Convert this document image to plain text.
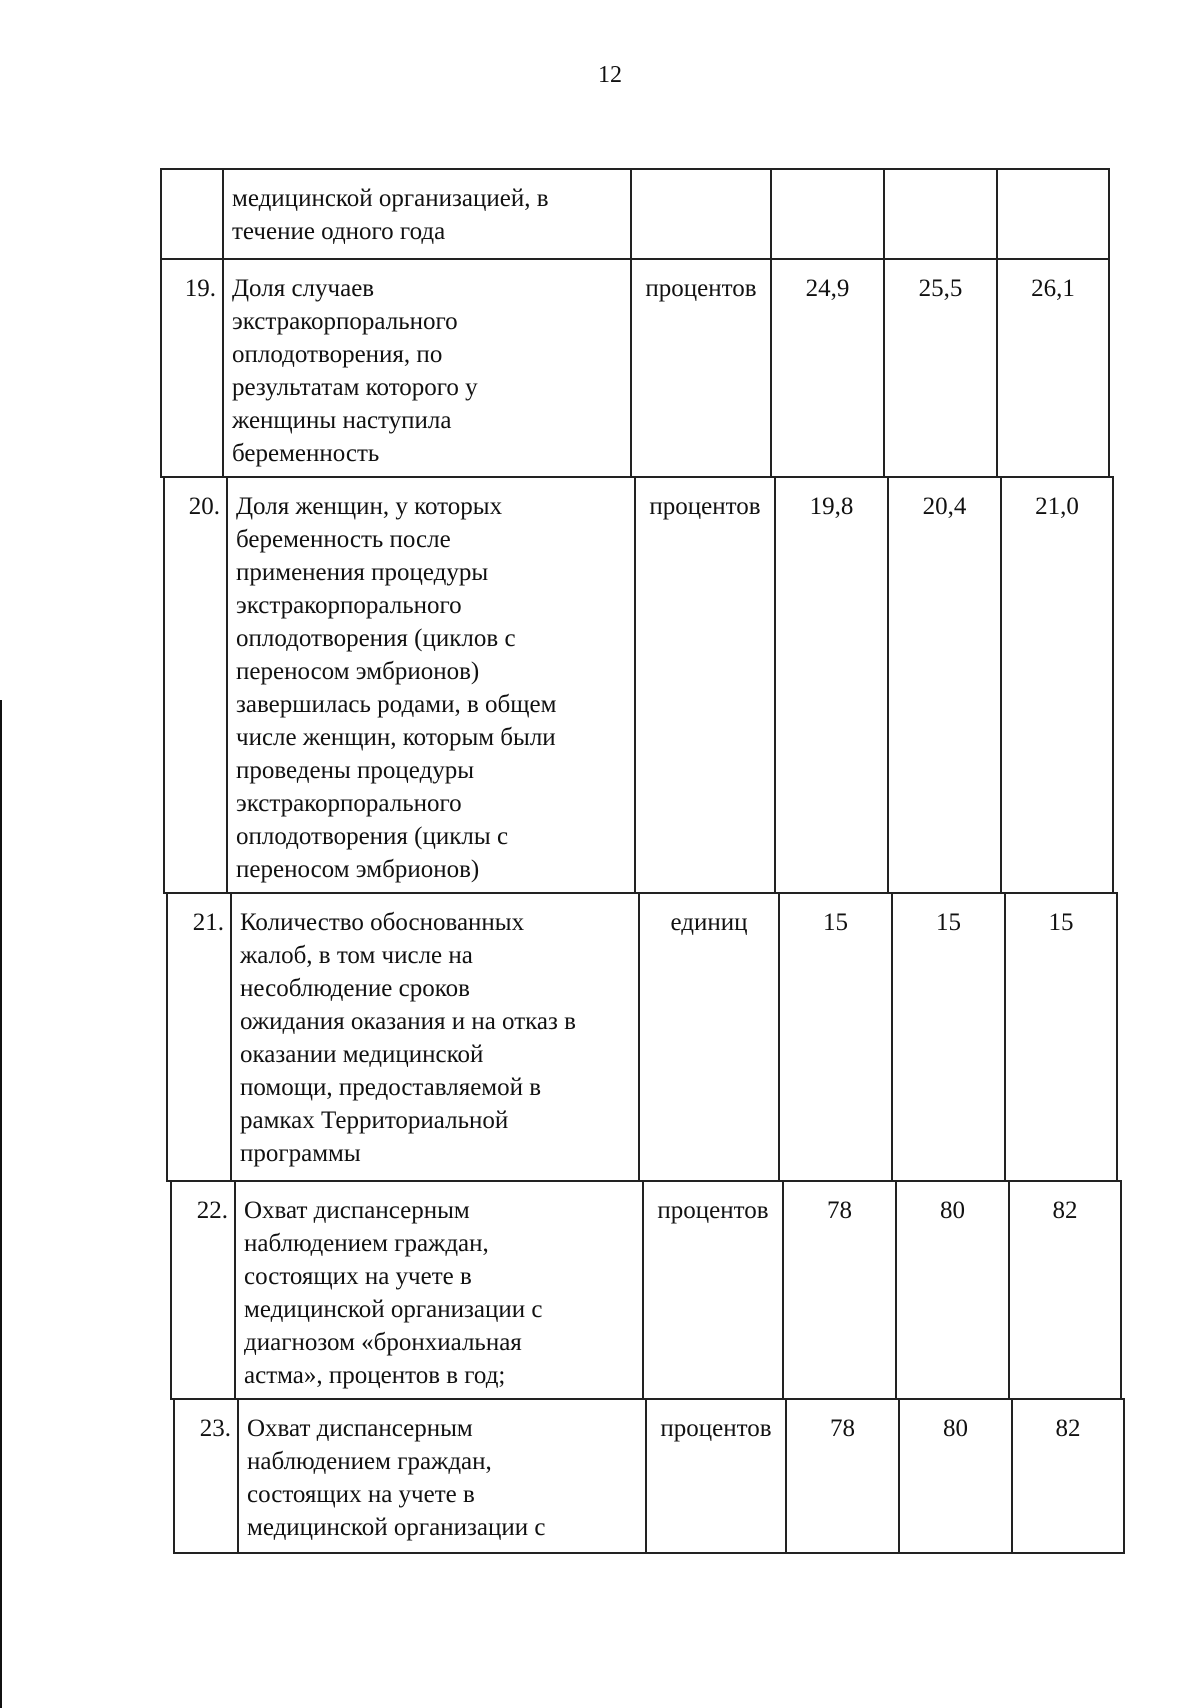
12
медицинской организацией, в
течение одного года
19. Доля случаев
экстракорпорального
оплодотворения, по
результатам которого у
женщины наступила
беременность
процентов	24,9	25,5	26,1
20. Доля женщин, у которых
беременность после
применения процедуры
экстракорпорального
оплодотворения (циклов с
переносом эмбрионов)
завершилась родами, в общем
числе женщин, которым были
проведены процедуры
экстракорпорального
оплодотворения (циклы с
переносом эмбрионов)
процентов	19,8	20,4	21,0
21. Количество обоснованных
жалоб, в том числе на
несоблюдение сроков
ожидания оказания и на отказ в
оказании медицинской
помощи, предоставляемой в
рамках Территориальной
программы
единиц	15	15	15
22. Охват диспансерным
наблюдением граждан,
состоящих на учете в
медицинской организации с
диагнозом «бронхиальная
астма», процентов в год;
процентов	78	80	82
23. Охват диспансерным
наблюдением граждан,
состоящих на учете в
медицинской организации с
процентов	78	80	82
